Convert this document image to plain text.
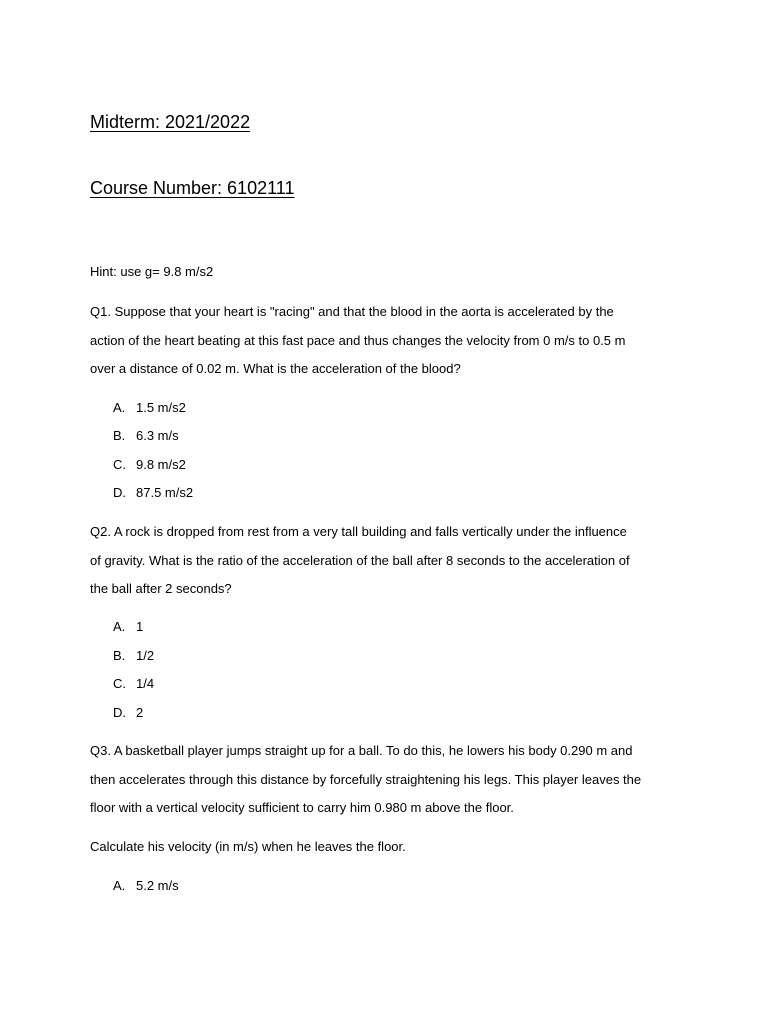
Midterm: 2021/2022
Course Number: 6102111
Hint: use g= 9.8 m/s2
Q1. Suppose that your heart is "racing" and that the blood in the aorta is accelerated by the
action of the heart beating at this fast pace and thus changes the velocity from 0 m/s to 0.5 m
over a distance of 0.02 m. What is the acceleration of the blood?
A. 1.5 m/s2
B. 6.3 m/s
C. 9.8 m/s2
D. 87.5 m/s2
Q2. A rock is dropped from rest from a very tall building and falls vertically under the influence
of gravity. What is the ratio of the acceleration of the ball after 8 seconds to the acceleration of
the ball after 2 seconds?
A. 1
B. 1/2
C. 1/4
D. 2
Q3. A basketball player jumps straight up for a ball. To do this, he lowers his body 0.290 m and
then accelerates through this distance by forcefully straightening his legs. This player leaves the
floor with a vertical velocity sufficient to carry him 0.980 m above the floor.
Calculate his velocity (in m/s) when he leaves the floor.
A. 5.2 m/s
